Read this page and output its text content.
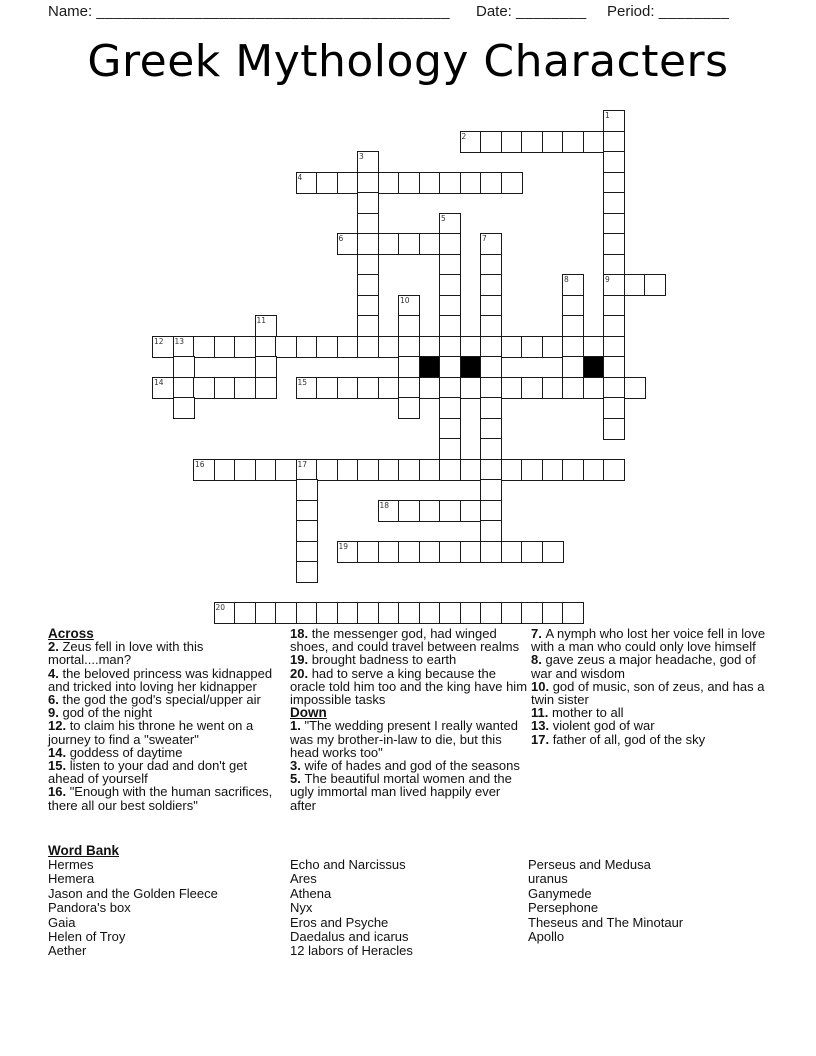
Name: ________________________________________ Date: ________ Period: ________
Greek Mythology Characters
1
2
3
4
5
6	7
8	9
10
11
12 13
14	15
16	17
18
19
20
Across
2. Zeus fell in love with this mortal....man?
4. the beloved princess was kidnapped and tricked into loving her kidnapper
6. the god the god's special/upper air
9. god of the night
12. to claim his throne he went on a journey to find a "sweater"
14. goddess of daytime
15. listen to your dad and don't get ahead of yourself
16. "Enough with the human sacrifices, there all our best soldiers"
18. the messenger god, had winged shoes, and could travel between realms
19. brought badness to earth
20. had to serve a king because the oracle told him too and the king have him impossible tasks
Down
1. "The wedding present I really wanted was my brother-in-law to die, but this head works too"
3. wife of hades and god of the seasons
5. The beautiful mortal women and the ugly immortal man lived happily ever after
7. A nymph who lost her voice fell in love with a man who could only love himself
8. gave zeus a major headache, god of war and wisdom
10. god of music, son of zeus, and has a twin sister
11. mother to all
13. violent god of war
17. father of all, god of the sky
Word Bank
Hermes
Hemera
Jason and the Golden Fleece
Pandora's box
Gaia
Helen of Troy
Aether
Echo and Narcissus
Ares
Athena
Nyx
Eros and Psyche
Daedalus and icarus
12 labors of Heracles
Perseus and Medusa
uranus
Ganymede
Persephone
Theseus and The Minotaur
Apollo
